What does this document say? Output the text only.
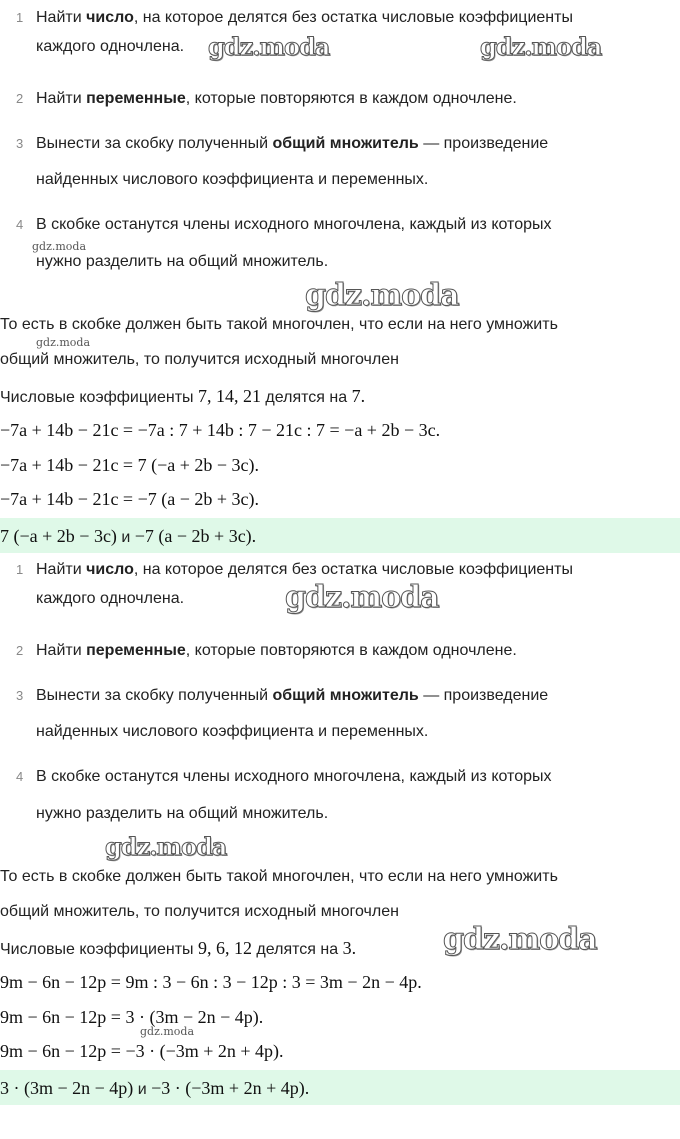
1 Найти число, на которое делятся без остатка числовые коэффициенты
каждого одночлена.
2 Найти переменные, которые повторяются в каждом одночлене.
3 Вынести за скобку полученный общий множитель — произведение
найденных числового коэффициента и переменных.
4 В скобке останутся члены исходного многочлена, каждый из которых
нужно разделить на общий множитель.
То есть в скобке должен быть такой многочлен, что если на него умножить
общий множитель, то получится исходный многочлен
Числовые коэффициенты 7, 14, 21 делятся на 7.
−7a + 14b − 21c = −7a : 7 + 14b : 7 − 21c : 7 = −a + 2b − 3c.
−7a + 14b − 21c = 7 (−a + 2b − 3c).
−7a + 14b − 21c = −7 (a − 2b + 3c).
7 (−a + 2b − 3c) и −7 (a − 2b + 3c).
1 Найти число, на которое делятся без остатка числовые коэффициенты
каждого одночлена.
2 Найти переменные, которые повторяются в каждом одночлене.
3 Вынести за скобку полученный общий множитель — произведение
найденных числового коэффициента и переменных.
4 В скобке останутся члены исходного многочлена, каждый из которых
нужно разделить на общий множитель.
То есть в скобке должен быть такой многочлен, что если на него умножить
общий множитель, то получится исходный многочлен
Числовые коэффициенты 9, 6, 12 делятся на 3.
9m − 6n − 12p = 9m : 3 − 6n : 3 − 12p : 3 = 3m − 2n − 4p.
9m − 6n − 12p = 3 · (3m − 2n − 4p).
9m − 6n − 12p = −3 · (−3m + 2n + 4p).
3 · (3m − 2n − 4p) и −3 · (−3m + 2n + 4p).
gdz.moda	gdz.moda
gdz.moda
gdz.moda
gdz.moda
gdz.moda
gdz.moda
gdz.moda
gdz.moda
